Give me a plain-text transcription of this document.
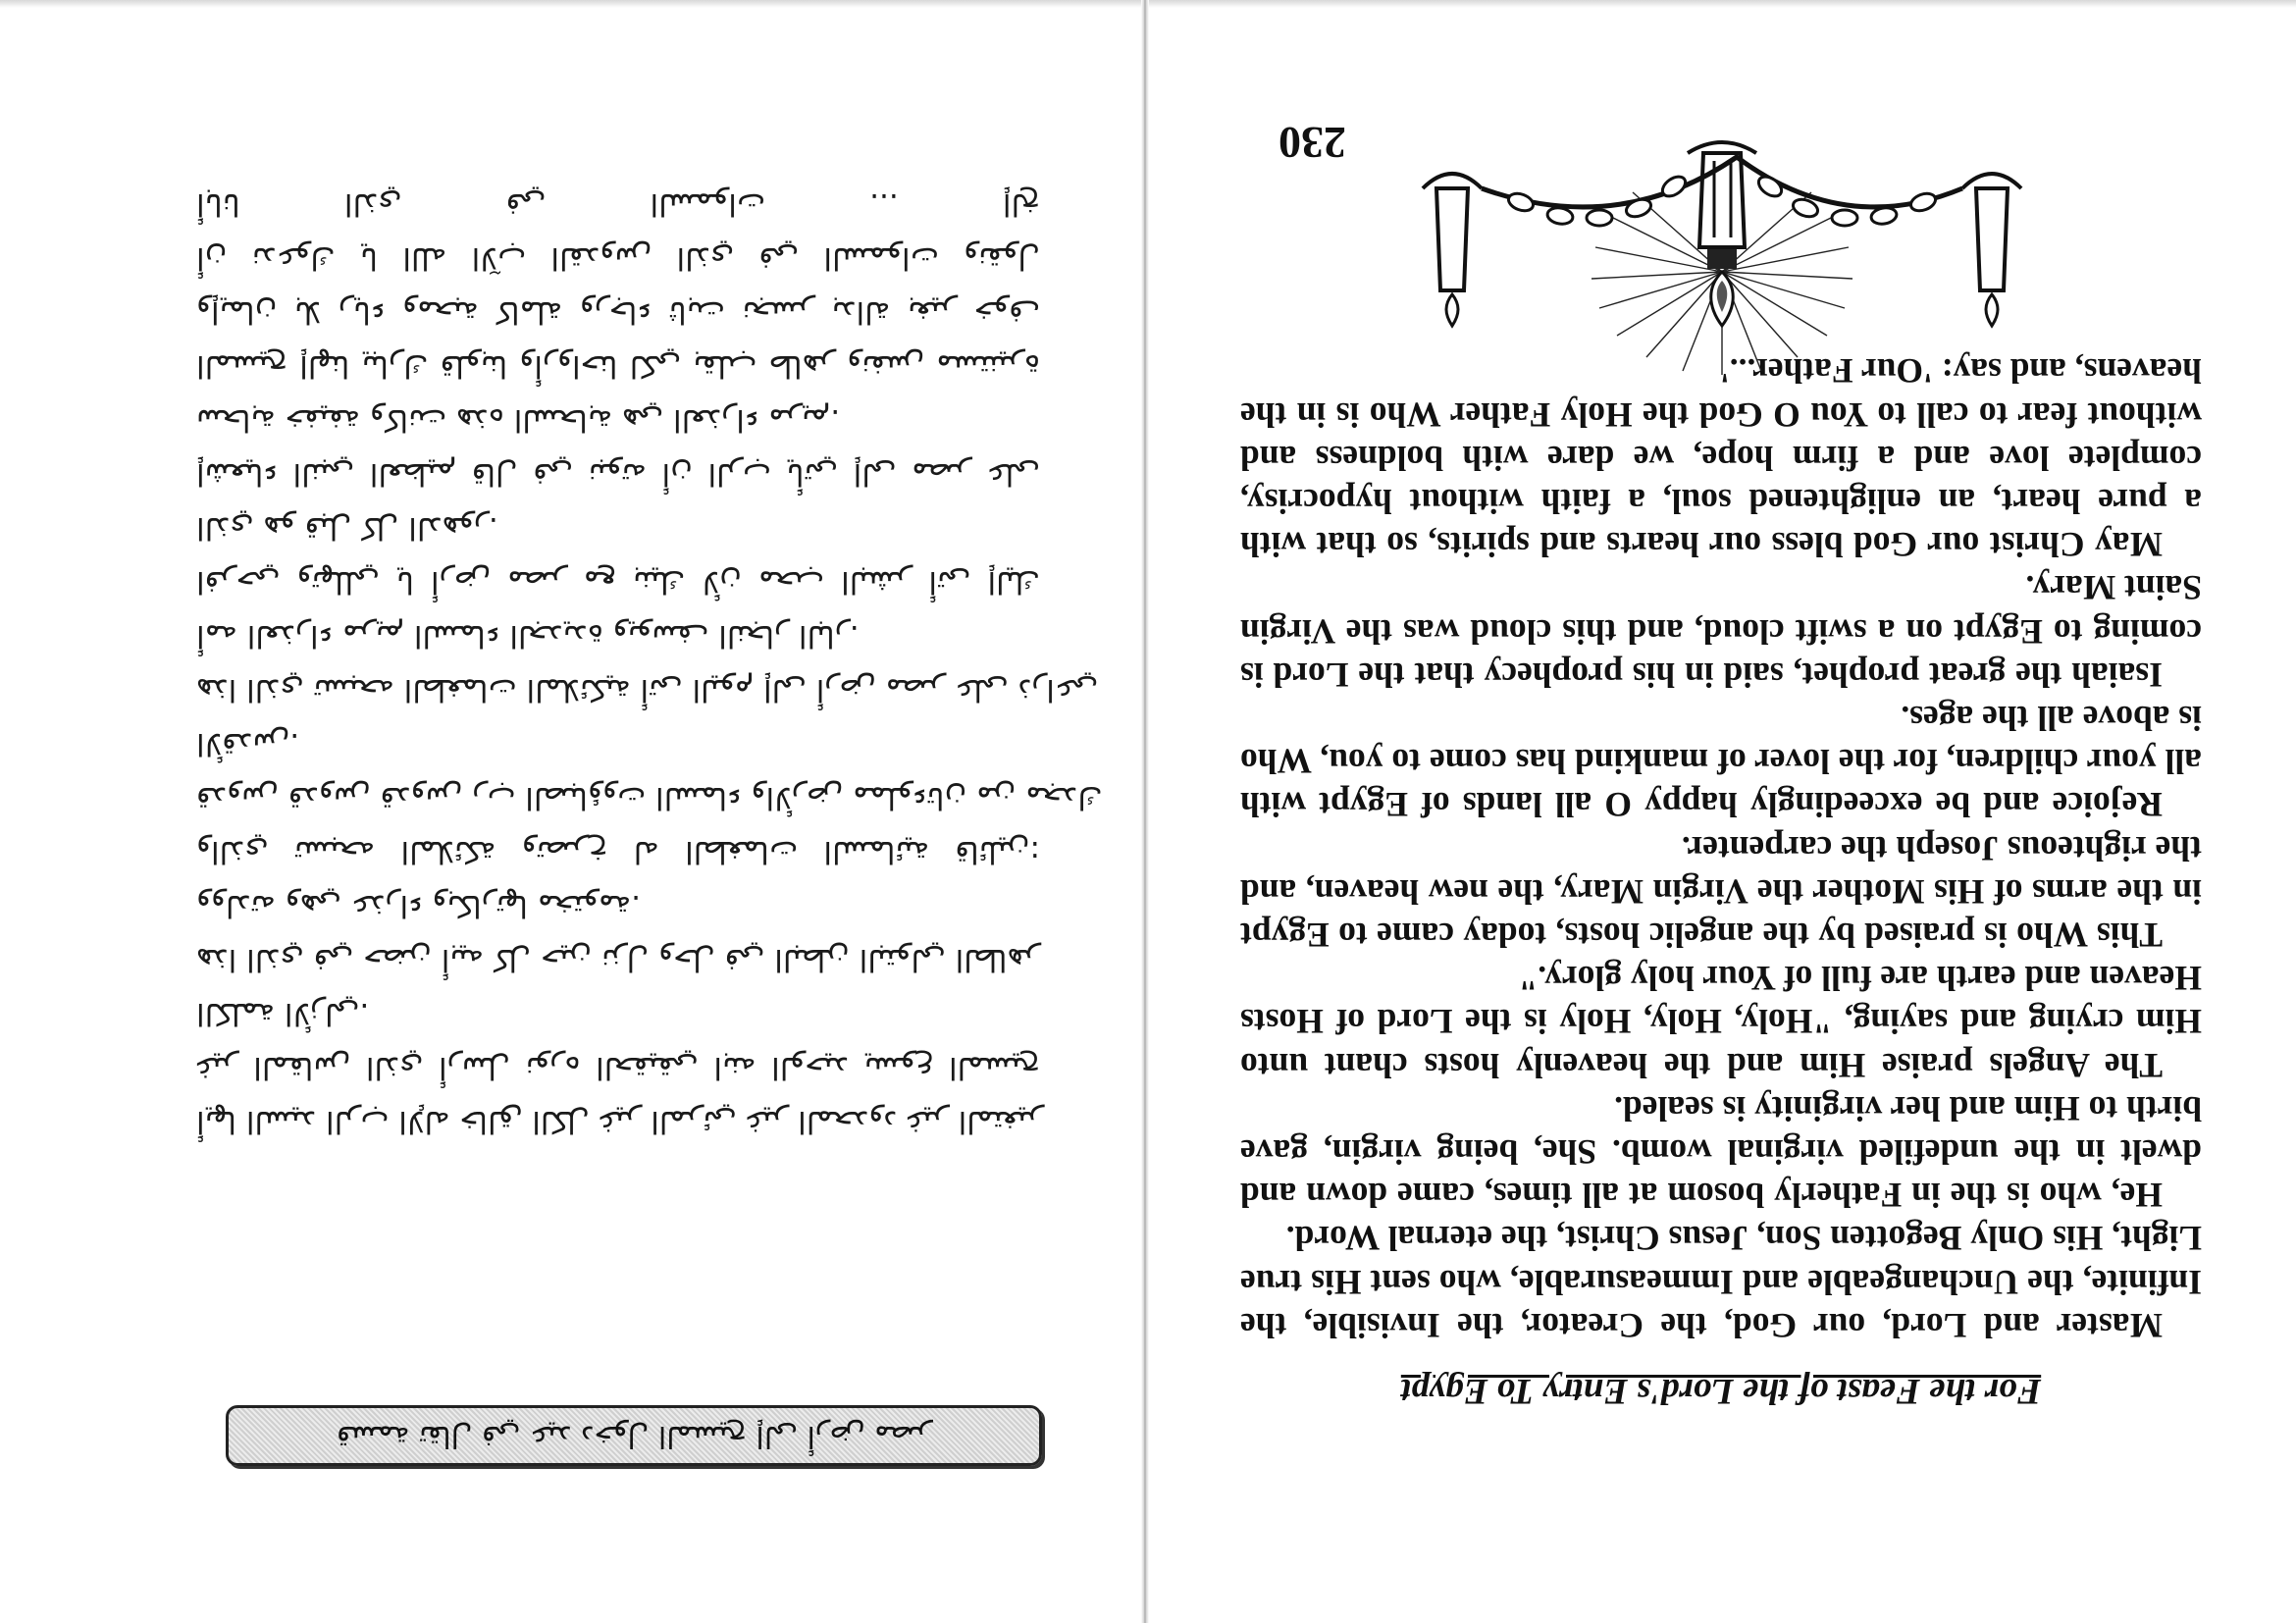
قسمة تقال في عيد دخول المسيح إلى أرض مصر
أبانا الذي في السموات ... إلخ
أن ندعوك يا الله الآب القدوس الذي في السموات ونقول
وإيمان بلا رياء ومحبة كاملة ورجاء ثابت نجسر بدالة بغير خوف
المسيح إلهنا يبارك قلوبنا وأرواحنا لكي بقلب طاهر ونفس مستنيرة
سحابة خفيفة وكانت هذه السحابة هي العذراء مريم.
إشعياء النبي العظيم قال في نبوته أن الرب يأتي إلى مصر على
الذي هو قبل كل الدهور.
افرحي وتهللي يا أرض مصر مع بنيك لأن محب البشر أتى إليك
أمه العذراء مريم السماء الجديدة ويوسف النجار البار.
هذا الذي تسبحه الطغمات الملائكية أتى اليوم إلى أرض مصر على ذراعي
الأقدس.
قدوس قدوس قدوس رب الصباؤوت السماء والأرض مملوءتان من مجدك
والذي تسبحه الملائكة وتصرخ له الطغمات السمائية قائلين:
وولدته وهي عذراء وبكارتها مختومة.
هذا الذي في حضن أبيه كل حين نزل وحل في البطن البتولي الطاهر
الكلمة الأزلي.
غير المقاس الذي أرسل نوره الحقيقي ابنه الوحيد يسوع المسيح
أيها السيد الرب الإله خالق الكل غير المرئي غير المحدود غير المتغير

For the Feast of the Lord's Entry To Egypt

Master and Lord, our God, the Creator, the Invisible, the Infinite, the Unchangeable and Immeasurable, who sent His true Light, His Only Begotten Son, Jesus Christ, the eternal Word.

He, who is the in Fatherly bosom at all times, came down and dwelt in the undefiled virginal womb. She, being virgin, gave birth to Him and her virginity is sealed.

The Angels praise Him and the heavenly hosts chant unto Him crying and saying, "Holy, Holy, Holy is the Lord of Hosts Heaven and earth are full of Your holy glory."

This Who is praised by the angelic hosts, today came to Egypt in the arms of His Mother the Virgin Mary, the new heaven, and the righteous Joseph the carpenter.

Rejoice and be exceedingly happy O all lands of Egypt with all your children, for the lover of mankind has come to you, Who is above all the ages.

Isaiah the great prophet, said in his prophecy that the Lord is coming to Egypt on a swift cloud, and this cloud was the Virgin Saint Mary.

May Christ our God bless our hearts and spirits, so that with a pure heart, an enlightened soul, a faith without hypocrisy, complete love and a firm hope, we dare with boldness and without fear to call to You O God the Holy Father Who is in the heavens, and say: 'Our Father...'

230
